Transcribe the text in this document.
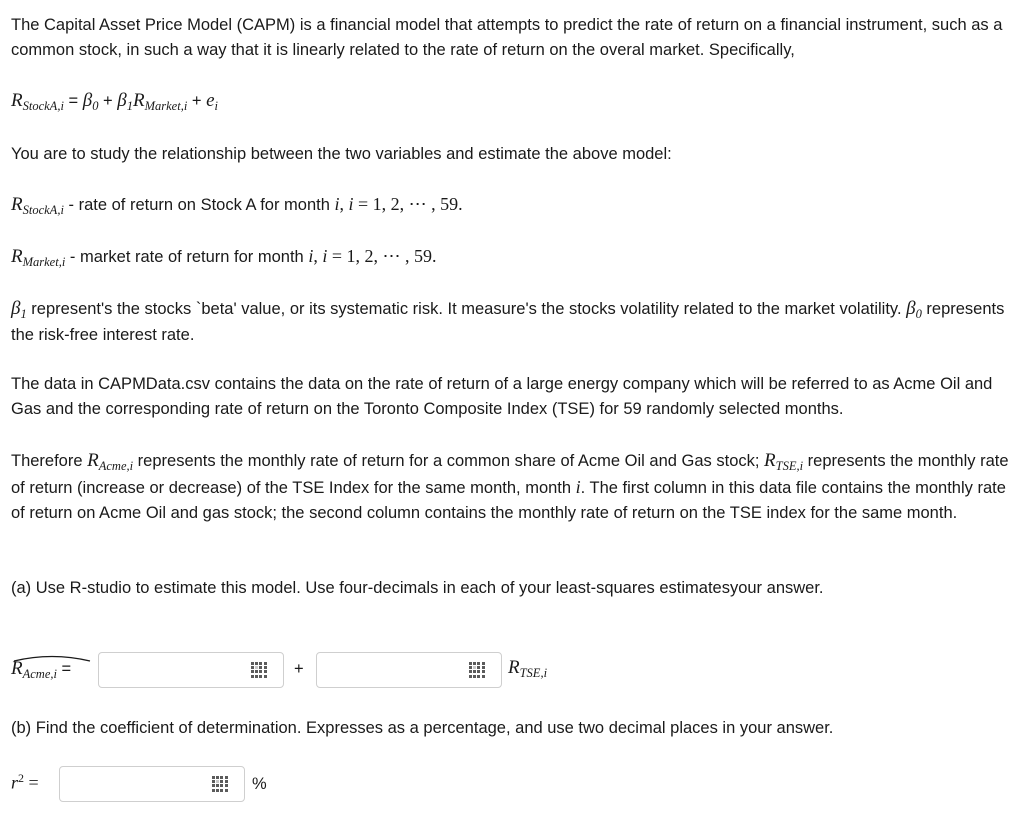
The Capital Asset Price Model (CAPM) is a financial model that attempts to predict the rate of return on a financial instrument, such as a common stock, in such a way that it is linearly related to the rate of return on the overal market. Specifically,

$R_{StockA,i} = \beta_0 + \beta_1R_{Market,i} + e_i$

You are to study the relationship between the two variables and estimate the above model:

$R_{StockA,i}$ - rate of return on Stock A for month i, i = 1, 2, ⋯ , 59.
$R_{Market,i}$ - market rate of return for month i, i = 1, 2, ⋯ , 59.

$\beta_1$ represent's the stocks `beta' value, or its systematic risk. It measure's the stocks volatility related to the market volatility. $\beta_0$ represents the risk-free interest rate.

The data in CAPMData.csv contains the data on the rate of return of a large energy company which will be referred to as Acme Oil and Gas and the corresponding rate of return on the Toronto Composite Index (TSE) for 59 randomly selected months.

Therefore $R_{Acme,i}$ represents the monthly rate of return for a common share of Acme Oil and Gas stock; $R_{TSE,i}$ represents the monthly rate of return (increase or decrease) of the TSE Index for the same month, month i. The first column in this data file contains the monthly rate of return on Acme Oil and gas stock; the second column contains the monthly rate of return on the TSE index for the same month.

(a) Use R-studio to estimate this model. Use four-decimals in each of your least-squares estimatesyour answer.

$R_{Acme,i}$ =	+	$R_{TSE,i}$

(b) Find the coefficient of determination. Expresses as a percentage, and use two decimal places in your answer.

$r^2$ =	%
